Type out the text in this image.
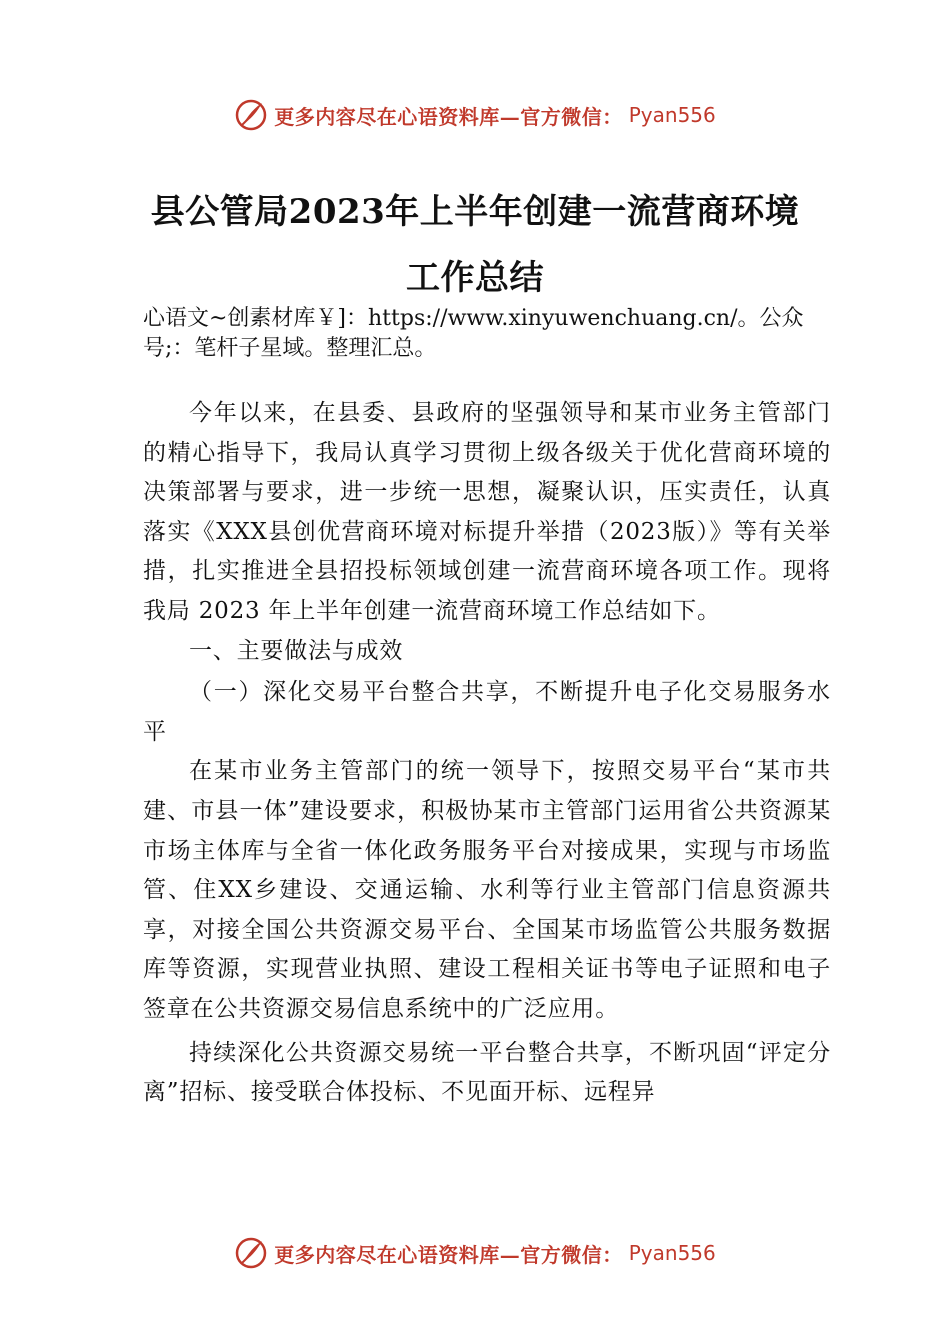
更多内容尽在心语资料库—官方微信： Pyan556
县公管局2023年上半年创建一流营商环境
工作总结
心语文~创素材库￥]：https://www.xinyuwenchuang.cn/。公众号;：笔杆子星域。整理汇总。

今年以来，在县委、县政府的坚强领导和某市业务主管部门的精心指导下，我局认真学习贯彻上级各级关于优化营商环境的决策部署与要求，进一步统一思想，凝聚认识，压实责任，认真落实《XXX县创优营商环境对标提升举措（2023版）》等有关举措，扎实推进全县招投标领域创建一流营商环境各项工作。现将我局 2023 年上半年创建一流营商环境工作总结如下。

一、主要做法与成效

（一）深化交易平台整合共享，不断提升电子化交易服务水平

在某市业务主管部门的统一领导下，按照交易平台“某市共建、市县一体”建设要求，积极协某市主管部门运用省公共资源某市场主体库与全省一体化政务服务平台对接成果，实现与市场监管、住XX乡建设、交通运输、水利等行业主管部门信息资源共享，对接全国公共资源交易平台、全国某市场监管公共服务数据库等资源，实现营业执照、建设工程相关证书等电子证照和电子签章在公共资源交易信息系统中的广泛应用。

持续深化公共资源交易统一平台整合共享，不断巩固“评定分离”招标、接受联合体投标、不见面开标、远程异

更多内容尽在心语资料库—官方微信： Pyan556
